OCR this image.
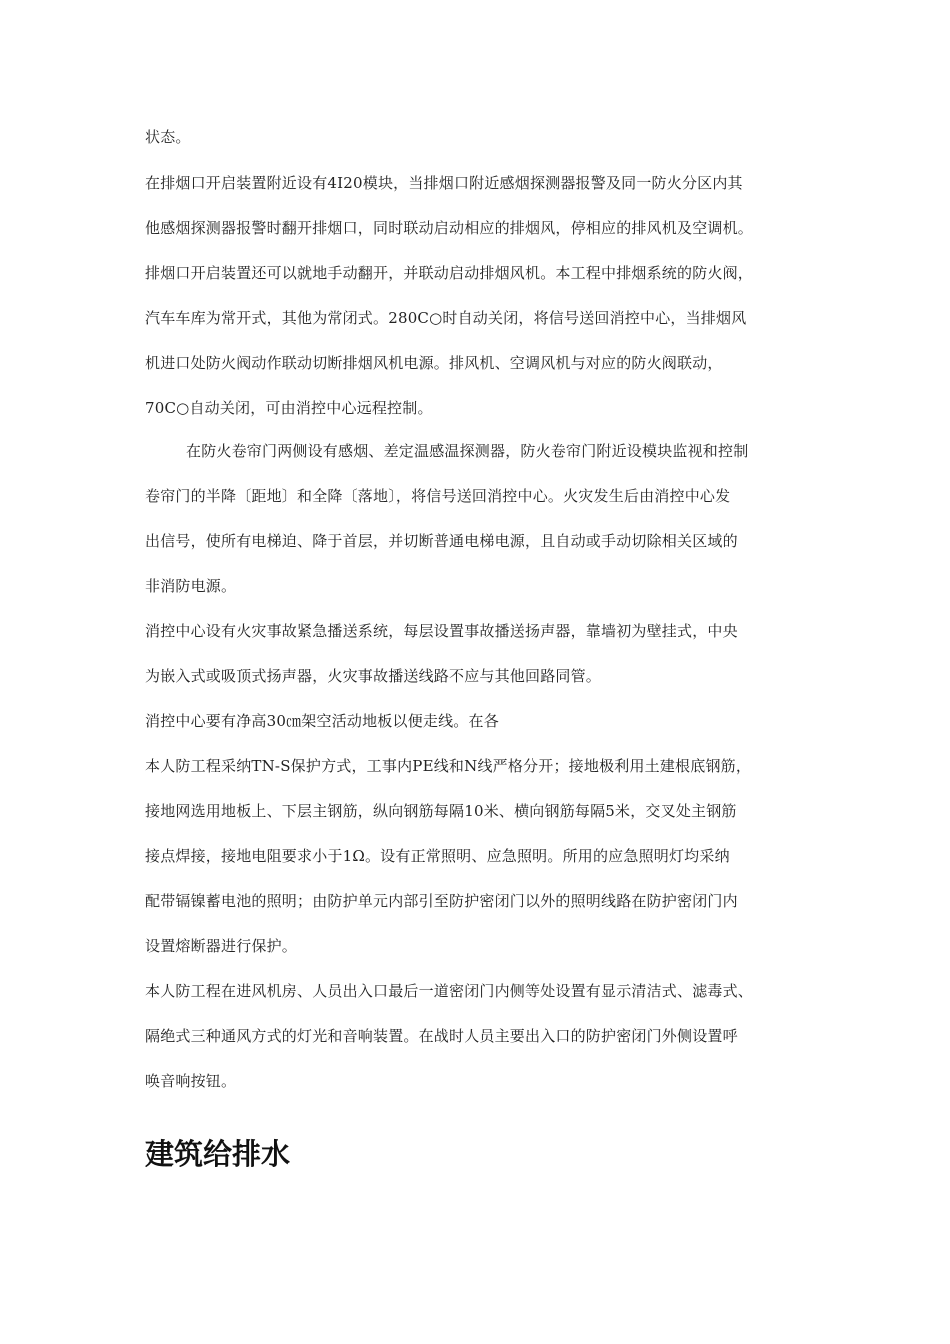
状态。
在排烟口开启装置附近设有4I20模块，当排烟口附近感烟探测器报警及同一防火分区内其
他感烟探测器报警时翻开排烟口，同时联动启动相应的排烟风，停相应的排风机及空调机。
排烟口开启装置还可以就地手动翻开，并联动启动排烟风机。本工程中排烟系统的防火阀，
汽车车库为常开式，其他为常闭式。280C○时自动关闭，将信号送回消控中心，当排烟风
机进口处防火阀动作联动切断排烟风机电源。排风机、空调风机与对应的防火阀联动，
70C○自动关闭，可由消控中心远程控制。
在防火卷帘门两侧设有感烟、差定温感温探测器，防火卷帘门附近设模块监视和控制
卷帘门的半降〔距地〕和全降〔落地〕，将信号送回消控中心。火灾发生后由消控中心发
出信号，使所有电梯迫、降于首层，并切断普通电梯电源，且自动或手动切除相关区域的
非消防电源。
消控中心设有火灾事故紧急播送系统，每层设置事故播送扬声器，靠墙初为壁挂式，中央
为嵌入式或吸顶式扬声器，火灾事故播送线路不应与其他回路同管。
消控中心要有净高30㎝架空活动地板以便走线。在各
本人防工程采纳TN-S保护方式，工事内PE线和N线严格分开；接地极利用土建根底钢筋，
接地网选用地板上、下层主钢筋，纵向钢筋每隔10米、横向钢筋每隔5米，交叉处主钢筋
接点焊接，接地电阻要求小于1Ω。设有正常照明、应急照明。所用的应急照明灯均采纳
配带镉镍蓄电池的照明；由防护单元内部引至防护密闭门以外的照明线路在防护密闭门内
设置熔断器进行保护。
本人防工程在进风机房、人员出入口最后一道密闭门内侧等处设置有显示清洁式、滤毒式、
隔绝式三种通风方式的灯光和音响装置。在战时人员主要出入口的防护密闭门外侧设置呼
唤音响按钮。
建筑给排水
